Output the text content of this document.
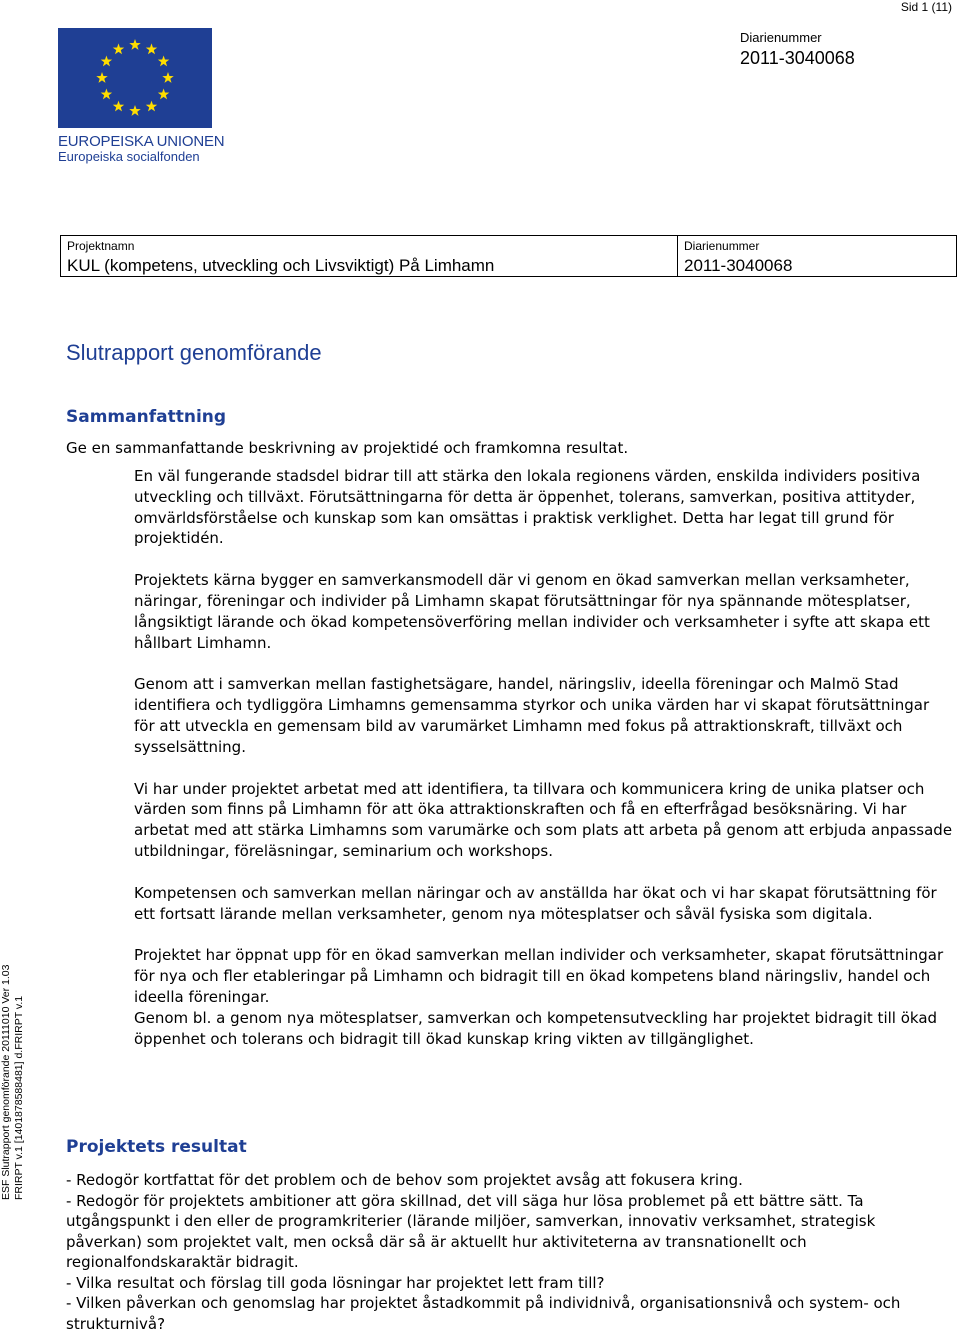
Sid 1 (11)
EUROPEISKA UNIONEN
Europeiska socialfonden
Diarienummer
2011-3040068
Projektnamn
KUL (kompetens, utveckling och Livsviktigt) På Limhamn
Diarienummer
2011-3040068
Slutrapport genomförande
Sammanfattning
Ge en sammanfattande beskrivning av projektidé och framkomna resultat.

En väl fungerande stadsdel bidrar till att stärka den lokala regionens värden, enskilda individers positiva utveckling och tillväxt. Förutsättningarna för detta är öppenhet, tolerans, samverkan, positiva attityder, omvärldsförståelse och kunskap som kan omsättas i praktisk verklighet. Detta har legat till grund för projektidén.

Projektets kärna bygger en samverkansmodell där vi genom en ökad samverkan mellan verksamheter, näringar, föreningar och individer på Limhamn skapat förutsättningar för nya spännande mötesplatser, långsiktigt lärande och ökad kompetensöverföring mellan individer och verksamheter i syfte att skapa ett hållbart Limhamn.

Genom att i samverkan mellan fastighetsägare, handel, näringsliv, ideella föreningar och Malmö Stad identifiera och tydliggöra Limhamns gemensamma styrkor och unika värden har vi skapat förutsättningar för att utveckla en gemensam bild av varumärket Limhamn med fokus på attraktionskraft, tillväxt och sysselsättning.

Vi har under projektet arbetat med att identifiera, ta tillvara och kommunicera kring de unika platser och värden som finns på Limhamn för att öka attraktionskraften och få en efterfrågad besöksnäring. Vi har arbetat med att stärka Limhamns som varumärke och som plats att arbeta på genom att erbjuda anpassade utbildningar, föreläsningar, seminarium och workshops.

Kompetensen och samverkan mellan näringar och av anställda har ökat och vi har skapat förutsättning för ett fortsatt lärande mellan verksamheter, genom nya mötesplatser och såväl fysiska som digitala.

Projektet har öppnat upp för en ökad samverkan mellan individer och verksamheter, skapat förutsättningar för nya och fler etableringar på Limhamn och bidragit till en ökad kompetens bland näringsliv, handel och ideella föreningar.

Genom bl. a genom nya mötesplatser, samverkan och kompetensutveckling har projektet bidragit till ökad öppenhet och tolerans och bidragit till ökad kunskap kring vikten av tillgänglighet.

Projektets resultat
- Redogör kortfattat för det problem och de behov som projektet avsåg att fokusera kring.
- Redogör för projektets ambitioner att göra skillnad, det vill säga hur lösa problemet på ett bättre sätt. Ta utgångspunkt i den eller de programkriterier (lärande miljöer, samverkan, innovativ verksamhet, strategisk påverkan) som projektet valt, men också där så är aktuellt hur aktiviteterna av transnationellt och regionalfondskaraktär bidragit.
- Vilka resultat och förslag till goda lösningar har projektet lett fram till?
- Vilken påverkan och genomslag har projektet åstadkommit på individnivå, organisationsnivå och system- och strukturnivå?
ESF Slutrapport genomförande 20111010 Ver 1.03 FRIRPT v.1 [1401878588481] d.FRIRPT v.1
